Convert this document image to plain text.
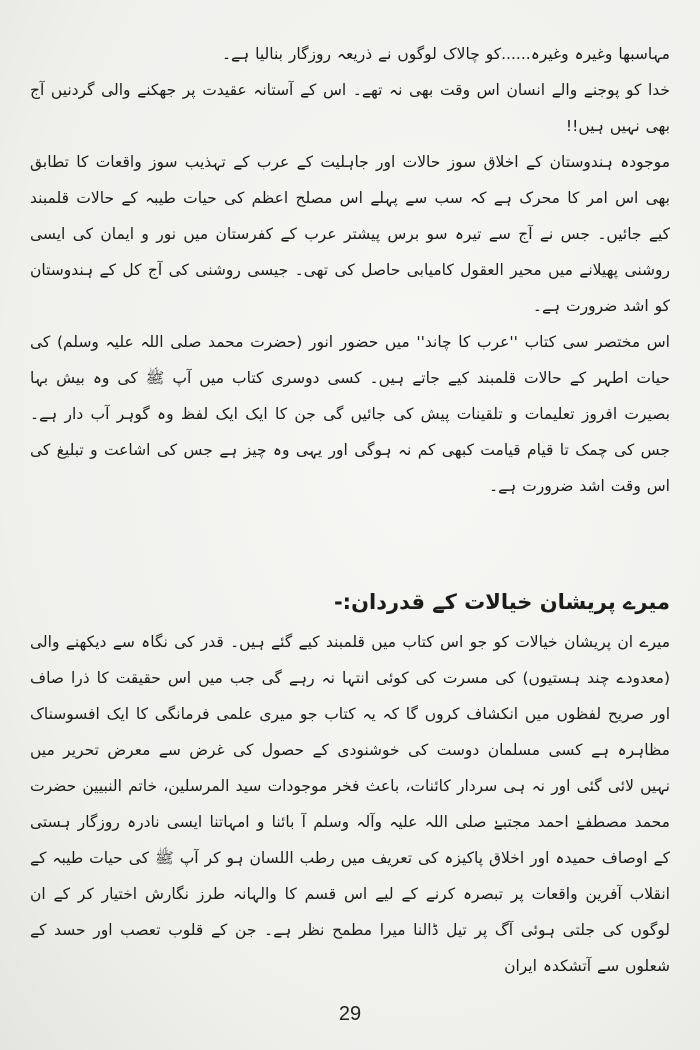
مہاسبھا وغیرہ وغیرہ......کو چالاک لوگوں نے ذریعہ روزگار بنالیا ہے۔

خدا کو پوجنے والے انسان اس وقت بھی نہ تھے۔ اس کے آستانہ عقیدت پر جھکنے والی گردنیں آج بھی نہیں ہیں!!

موجودہ ہندوستان کے اخلاق سوز حالات اور جاہلیت کے عرب کے تہذیب سوز واقعات کا تطابق بھی اس امر کا محرک ہے کہ سب سے پہلے اس مصلح اعظم کی حیات طیبہ کے حالات قلمبند کیے جائیں۔ جس نے آج سے تیرہ سو برس پیشتر عرب کے کفرستان میں نور و ایمان کی ایسی روشنی پھیلانے میں محیر العقول کامیابی حاصل کی تھی۔ جیسی روشنی کی آج کل کے ہندوستان کو اشد ضرورت ہے۔

اس مختصر سی کتاب ''عرب کا چاند'' میں حضور انور (حضرت محمد صلی اللہ علیہ وسلم) کی حیات اطہر کے حالات قلمبند کیے جاتے ہیں۔ کسی دوسری کتاب میں آپ ﷺ کی وہ بیش بہا بصیرت افروز تعلیمات و تلقینات پیش کی جائیں گی جن کا ایک ایک لفظ وہ گوہر آب دار ہے۔ جس کی چمک تا قیام قیامت کبھی کم نہ ہوگی اور یہی وہ چیز ہے جس کی اشاعت و تبلیغ کی اس وقت اشد ضرورت ہے۔

میرے پریشان خیالات کے قدردان:-

میرے ان پریشان خیالات کو جو اس کتاب میں قلمبند کیے گئے ہیں۔ قدر کی نگاہ سے دیکھنے والی (معدودے چند ہستیوں) کی مسرت کی کوئی انتہا نہ رہے گی جب میں اس حقیقت کا ذرا صاف اور صریح لفظوں میں انکشاف کروں گا کہ یہ کتاب جو میری علمی فرمانگی کا ایک افسوسناک مظاہرہ ہے کسی مسلمان دوست کی خوشنودی کے حصول کی غرض سے معرض تحریر میں نہیں لائی گئی اور نہ ہی سردار کائنات، باعث فخر موجودات سید المرسلین، خاتم النبیین حضرت محمد مصطفےٰ احمد مجتبےٰ صلی اللہ علیہ وآلہ وسلم آ بائنا و امہاتنا ایسی نادرہ روزگار ہستی کے اوصاف حمیدہ اور اخلاق پاکیزہ کی تعریف میں رطب اللسان ہو کر آپ ﷺ کی حیات طیبہ کے انقلاب آفرین واقعات پر تبصرہ کرنے کے لیے اس قسم کا والہانہ طرز نگارش اختیار کر کے ان لوگوں کی جلتی ہوئی آگ پر تیل ڈالنا میرا مطمح نظر ہے۔ جن کے قلوب تعصب اور حسد کے شعلوں سے آتشکدہ ایران

29
